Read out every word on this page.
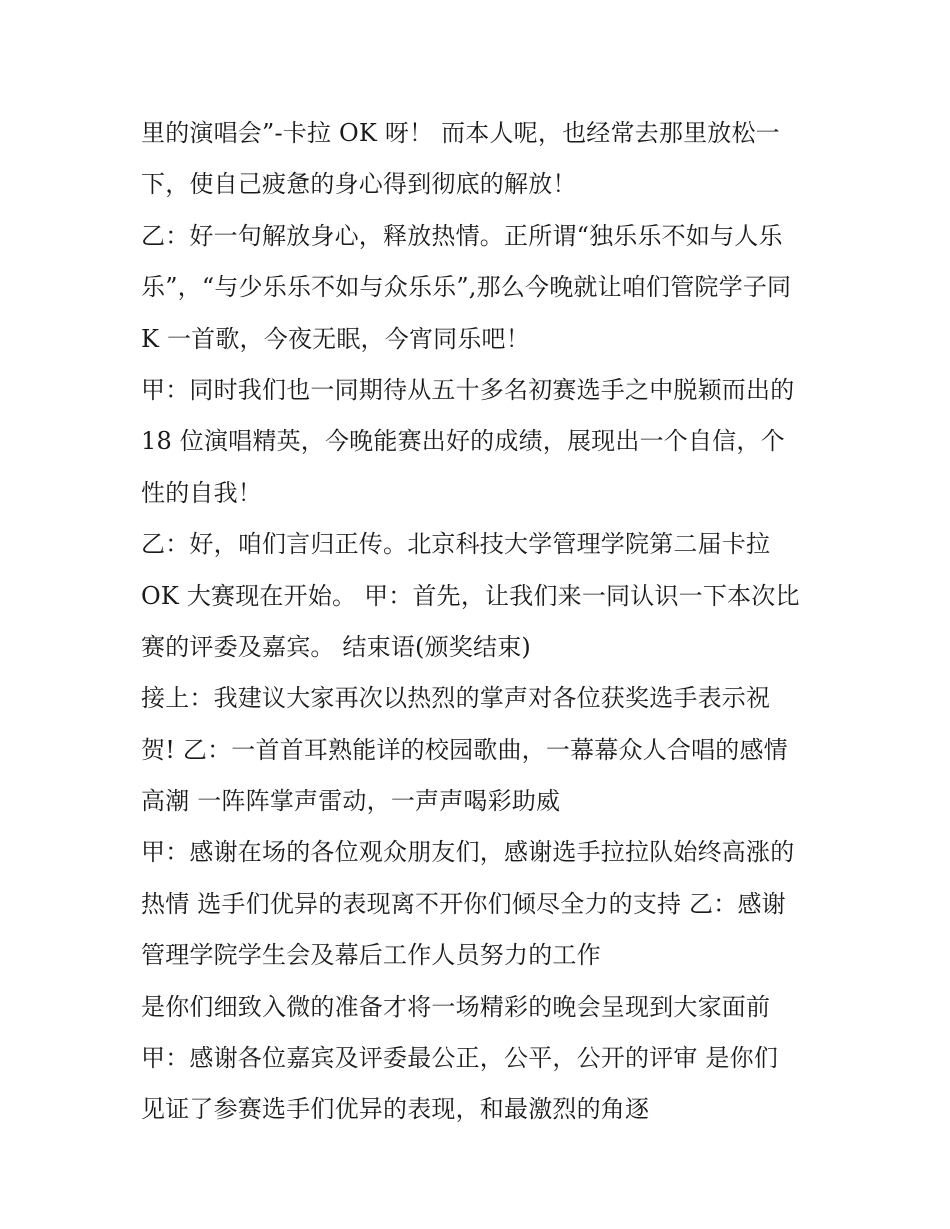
里的演唱会”-卡拉 OK 呀！ 而本人呢，也经常去那里放松一
下，使自己疲惫的身心得到彻底的解放！
乙：好一句解放身心，释放热情。正所谓“独乐乐不如与人乐
乐”，“与少乐乐不如与众乐乐”,那么今晚就让咱们管院学子同
K 一首歌，今夜无眠，今宵同乐吧！
甲：同时我们也一同期待从五十多名初赛选手之中脱颖而出的
18 位演唱精英，今晚能赛出好的成绩，展现出一个自信，个
性的自我！
乙：好，咱们言归正传。北京科技大学管理学院第二届卡拉
OK 大赛现在开始。 甲：首先，让我们来一同认识一下本次比
赛的评委及嘉宾。 结束语(颁奖结束)
接上：我建议大家再次以热烈的掌声对各位获奖选手表示祝
贺! 乙：一首首耳熟能详的校园歌曲，一幕幕众人合唱的感情
高潮 一阵阵掌声雷动，一声声喝彩助威
甲：感谢在场的各位观众朋友们，感谢选手拉拉队始终高涨的
热情 选手们优异的表现离不开你们倾尽全力的支持 乙：感谢
管理学院学生会及幕后工作人员努力的工作
是你们细致入微的准备才将一场精彩的晚会呈现到大家面前
甲：感谢各位嘉宾及评委最公正，公平，公开的评审 是你们
见证了参赛选手们优异的表现，和最激烈的角逐
